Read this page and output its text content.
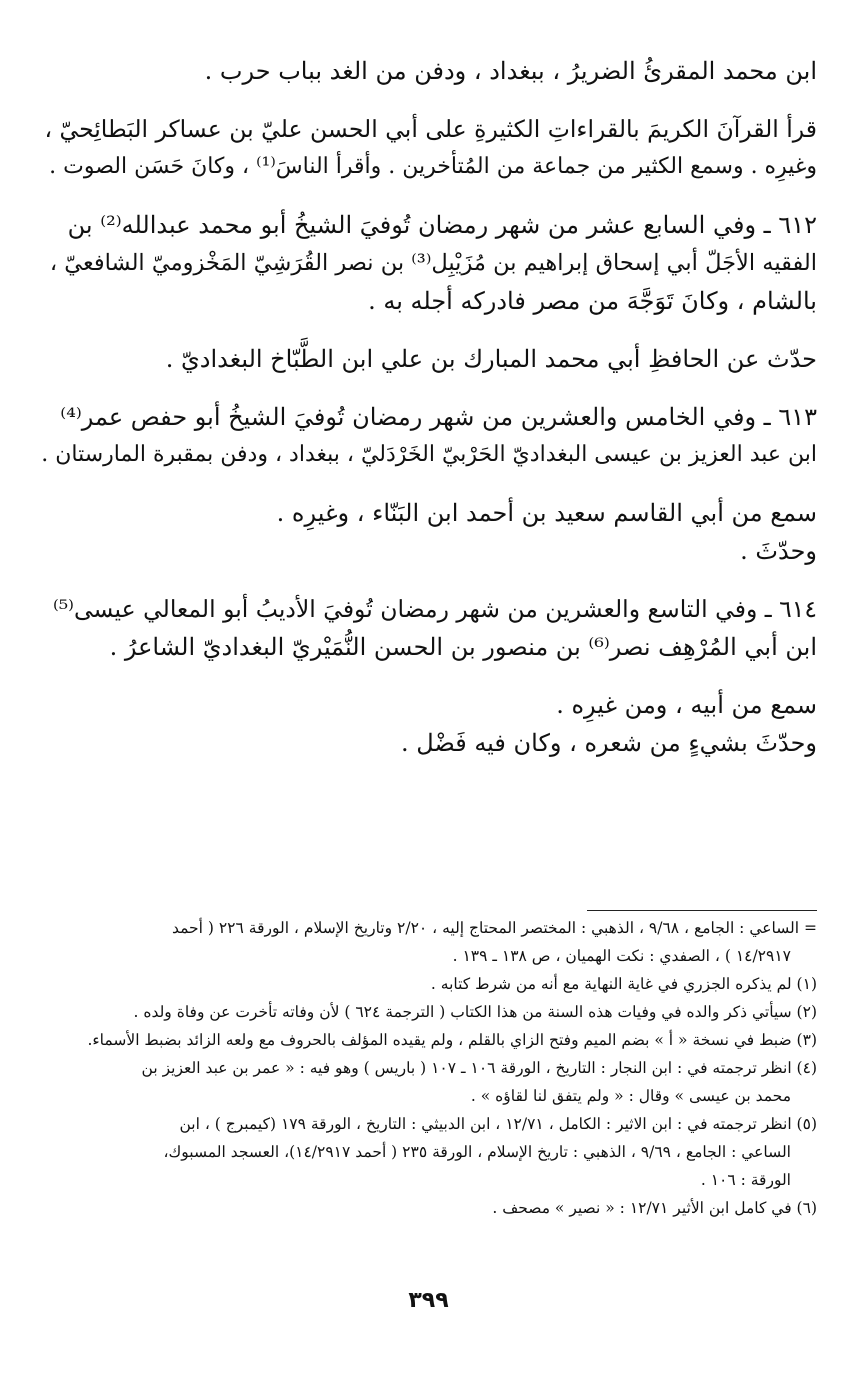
ابن محمد المقرئُ الضريرُ ، ببغداد ، ودفن من الغد بباب حرب .
قرأ القرآنَ الكريمَ بالقراءاتِ الكثيرةِ على أبي الحسن عليّ بن عساكر البَطائِحيّ ،
وغيرِه . وسمع الكثير من جماعة من المُتأخرين . وأقرأ الناسَ⁽¹⁾ ، وكانَ حَسَن الصوت .
٦١٢ ـ وفي السابع عشر من شهر رمضان تُوفيَ الشيخُ أبو محمد عبدالله⁽²⁾ بن
الفقيه الأجَلّ أبي إسحاق إبراهيم بن مُزَيْبِل⁽³⁾ بن نصر القُرَشِيّ المَخْزوميّ الشافعيّ ،
بالشام ، وكانَ تَوَجَّهَ من مصر فادركه أجله به .
حدّث عن الحافظِ أبي محمد المبارك بن علي ابن الطَّبّاخ البغداديّ .
٦١٣ ـ وفي الخامس والعشرين من شهر رمضان تُوفيَ الشيخُ أبو حفص عمر⁽⁴⁾
ابن عبد العزيز بن عيسى البغداديّ الحَرْبيّ الخَرْدَليّ ، ببغداد ، ودفن بمقبرة المارستان .
سمع من أبي القاسم سعيد بن أحمد ابن البَنّاء ، وغيرِه .
وحدّثَ .
٦١٤ ـ وفي التاسع والعشرين من شهر رمضان تُوفيَ الأديبُ أبو المعالي عيسى⁽⁵⁾
ابن أبي المُرْهِف نصر⁽⁶⁾ بن منصور بن الحسن النُّمَيْريّ البغداديّ الشاعرُ .
سمع من أبيه ، ومن غيرِه .
وحدّثَ بشيءٍ من شعره ، وكان فيه فَضْل .
= الساعي : الجامع ، ٩/٦٨ ، الذهبي : المختصر المحتاج إليه ، ٢/٢٠ وتاريخ الإسلام ، الورقة ٢٢٦ ( أحمد
١٤/٢٩١٧ ) ، الصفدي : نكت الهميان ، ص ١٣٨ ـ ١٣٩ .
(١) لم يذكره الجزري في غاية النهاية مع أنه من شرط كتابه .
(٢) سيأتي ذكر والده في وفيات هذه السنة من هذا الكتاب ( الترجمة ٦٢٤ ) لأن وفاته تأخرت عن وفاة ولده .
(٣) ضبط في نسخة « أ » بضم الميم وفتح الزاي بالقلم ، ولم يقيده المؤلف بالحروف مع ولعه الزائد بضبط الأسماء.
(٤) انظر ترجمته في : ابن النجار : التاريخ ، الورقة ١٠٦ ـ ١٠٧ ( باريس ) وهو فيه : « عمر بن عبد العزيز بن
محمد بن عيسى » وقال : « ولم يتفق لنا لقاؤه » .
(٥) انظر ترجمته في : ابن الاثير : الكامل ، ١٢/٧١ ، ابن الدبيثي : التاريخ ، الورقة ١٧٩ (كيمبرج ) ، ابن
الساعي : الجامع ، ٩/٦٩ ، الذهبي : تاريخ الإسلام ، الورقة ٢٣٥ ( أحمد ١٤/٢٩١٧)، العسجد المسبوك،
الورقة : ١٠٦ .
(٦) في كامل ابن الأثير ١٢/٧١ : « نصير » مصحف .
٣٩٩
